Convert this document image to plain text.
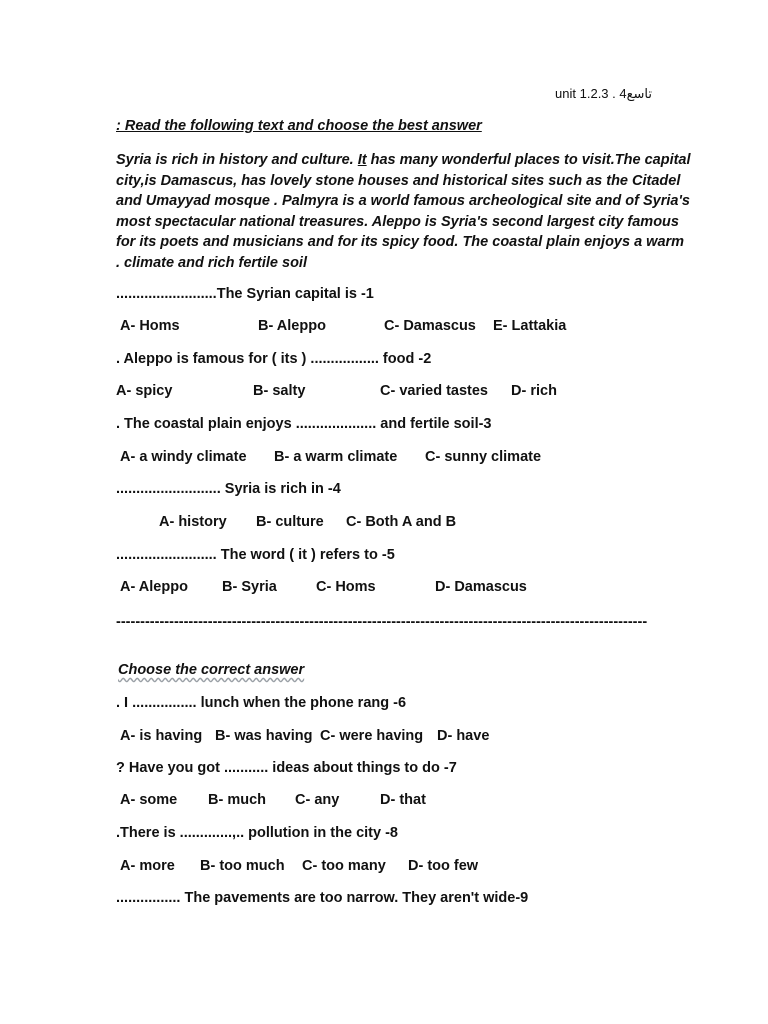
unit 1.2.3 . 4تاسع
: Read the following text and choose the best answer
Syria is rich in history and culture. It has many wonderful places to visit.The capital
city,is Damascus, has lovely stone houses and historical sites such as the Citadel
and Umayyad mosque . Palmyra is a world famous archeological site and of Syria's
most spectacular national treasures. Aleppo is Syria's second largest city famous
for its poets and musicians and for its spicy food. The coastal plain enjoys a warm
. climate and rich fertile soil
.........................The Syrian capital is -1
A- Homs	B- Aleppo	C- Damascus E- Lattakia
. Aleppo is famous for ( its ) ................. food -2
A- spicy	B- salty	C- varied tastes D- rich
. The coastal plain enjoys .................... and fertile soil-3
A- a windy climate B- a warm climate C- sunny climate
.......................... Syria is rich in -4
A- history B- culture C- Both A and B
......................... The word ( it ) refers to -5
A- Aleppo B- Syria	C- Homs	D- Damascus
--------------------------------------------------------------------------------------------------------------
Choose the correct answer
. I ................ lunch when the phone rang -6
A- is having B- was having C- were having D- have
? Have you got ........... ideas about things to do -7
A- some B- much C- any	D- that
.There is .............,.. pollution in the city -8
A- more B- too much C- too many D- too few
................ The pavements are too narrow. They aren't wide-9
